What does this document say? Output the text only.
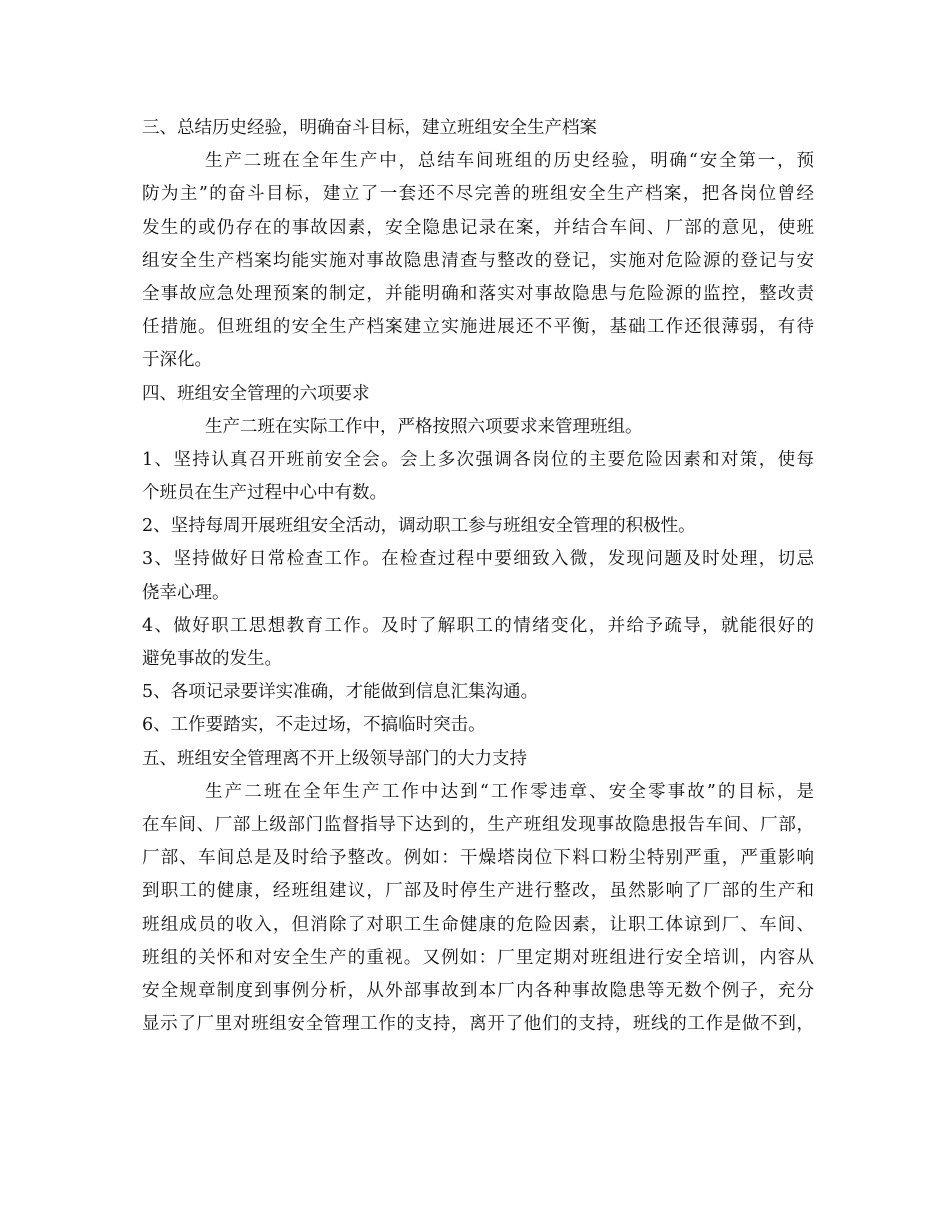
三、总结历史经验，明确奋斗目标，建立班组安全生产档案
生产二班在全年生产中，总结车间班组的历史经验，明确“安全第一，预
防为主”的奋斗目标，建立了一套还不尽完善的班组安全生产档案，把各岗位曾经
发生的或仍存在的事故因素，安全隐患记录在案，并结合车间、厂部的意见，使班
组安全生产档案均能实施对事故隐患清查与整改的登记，实施对危险源的登记与安
全事故应急处理预案的制定，并能明确和落实对事故隐患与危险源的监控，整改责
任措施。但班组的安全生产档案建立实施进展还不平衡，基础工作还很薄弱，有待
于深化。
四、班组安全管理的六项要求
生产二班在实际工作中，严格按照六项要求来管理班组。
1、坚持认真召开班前安全会。会上多次强调各岗位的主要危险因素和对策，使每
个班员在生产过程中心中有数。
2、坚持每周开展班组安全活动，调动职工参与班组安全管理的积极性。
3、坚持做好日常检查工作。在检查过程中要细致入微，发现问题及时处理，切忌
侥幸心理。
4、做好职工思想教育工作。及时了解职工的情绪变化，并给予疏导，就能很好的
避免事故的发生。
5、各项记录要详实准确，才能做到信息汇集沟通。
6、工作要踏实，不走过场，不搞临时突击。
五、班组安全管理离不开上级领导部门的大力支持
生产二班在全年生产工作中达到“工作零违章、安全零事故”的目标，是
在车间、厂部上级部门监督指导下达到的，生产班组发现事故隐患报告车间、厂部，
厂部、车间总是及时给予整改。例如：干燥塔岗位下料口粉尘特别严重，严重影响
到职工的健康，经班组建议，厂部及时停生产进行整改，虽然影响了厂部的生产和
班组成员的收入，但消除了对职工生命健康的危险因素，让职工体谅到厂、车间、
班组的关怀和对安全生产的重视。又例如：厂里定期对班组进行安全培训，内容从
安全规章制度到事例分析，从外部事故到本厂内各种事故隐患等无数个例子，充分
显示了厂里对班组安全管理工作的支持，离开了他们的支持，班线的工作是做不到，
